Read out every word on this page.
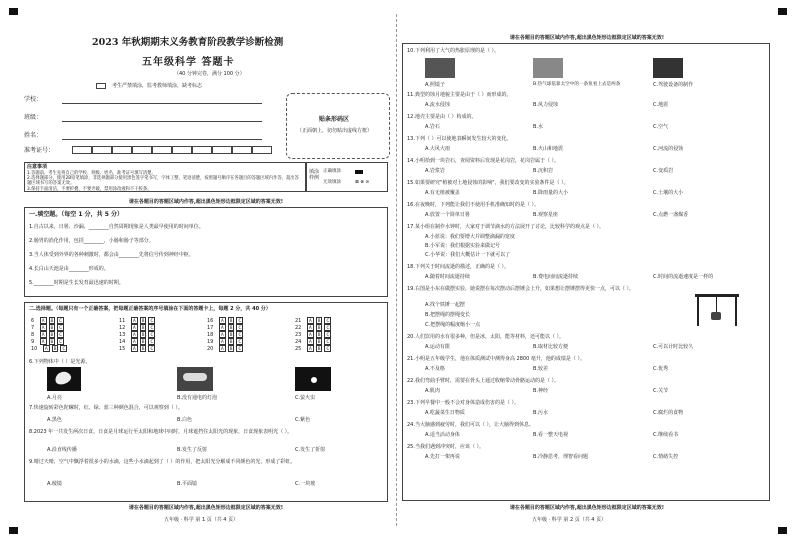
2023 年秋期期末义务教育阶段教学诊断检测
五年级科学 答题卡
（40 分钟完卷，满分 100 分）
考生严禁填涂，监考教师填涂，缺考标志
学校：
班级：
姓名：
准考证号：
贴条形码区
（正面朝上，切勿贴出虚线方框）
注意事项
1.答题前，考生先将自己的学校、班级、姓名、准考证号填写清楚。
2.选择题部分，使用2B铅笔填涂，非选择题部分使用黑色签字笔书写，字体工整、笔迹清楚，按照题号顺序在各题目的答题区域内作答，超出答题区域书写的答案无效。
3.保持卡面清洁，不要折叠、不要弄破，禁用涂改液和不干胶条。
填涂样例
正确填涂
无效填涂	⊠ ⊗ ⊘
请在各题目的答题区域内作答,超出黑色矩形边框限定区域的答案无效!
一.填空题。（每空 1 分，共 5 分）
1.自古以来，日晷、沙漏、________自然周期现象是人类最早使用的时间单位。
2.肠胃的消化作用，包括________，小肠和肠子等部分。
3.当人体受到外界的各种刺激时，都会由________先将信号传到神经中枢。
4.长白山天池是由________形成的。
5.________时期是生长发育最迅速的时期。
二.选择题。（每题只有一个正确答案，把每题正确答案的序号填涂在下面的答题卡上，每题 2 分，共 40 分）
6 A B C	11 A B C	16 A B C	21 A B C
7 A B C	12 A B C	17 A B C	22 A B C
8 A B C	13 A B C	18 A B C	23 A B C
9 A B C	14 A B C	19 A B C	24 A B C
10 A B C	15 A B C	20 A B C	25 A B C
6.下列物体中（ ）是光源。
A.月亮	B.没有通电的灯泡	C.萤火虫
7.快速旋转彩色陀螺时，红、绿、蓝三种颜色混合，可以观察到（ ）。
A.黑色	B.白色	C.紫色
8.2023 年一共发生两次日食。日食是月球运行至太阳和地球中间时，月球遮挡住太阳光的现象，日食现象表明光（ ）。
A.沿直线传播	B.发生了反射	C.发生了折射
9.晴过天晴，空气中飘浮着很多小的水滴，这些小水滴起到了（ ）的作用，把太阳光分解成不同颜色的光，形成了彩虹。
A.棱镜	B.平面镜	C.一块玻
请在各题目的答题区域内作答,超出黑色矩形边框限定区域的答案无效!
五年级 · 科学 第 1 页（共 4 页）
请在各题目的答题区域内作答,超出黑色矩形边框限定区域的答案无效!
10.下列利用了大气的热胀原理的是（ ）。
A.照镜子	B.热气球依靠太空中的一条鱼看上去是两条	C.驾驶设备的制作
11.典型的蚀月地貌主要是由于（ ）而形成的。
A.流水侵蚀	B.风力侵蚀	C.地震
12.地壳主要是由（ ）构成的。
A.岩石	B.水	C.空气
13.下列（ ）可以使地表瞬间发生较大的变化。
A.大风大雨	B.火山和地震	C.河流的侵蚀
14.小明拾到一块岩石，查阅资料后发现是花岗岩，花岗岩属于（ ）。
A.岩浆岩	B.沉积岩	C.变质岩
15.如果要研究"植被对土地侵蚀的影响"，我们要改变的实验条件是（ ）。
A.有无植被覆盖	B.降雨量的大小	C.土壤的大小
16.在夜晚时，下列能让我们不使用手机准确知时的是（ ）。
A.放置一个简单日晷	B.观察星座	C.点燃一盏煤香
17.某小组在制作水钟时，大家对于调节滴水的方法展开了讨论，比较科学的观点是（ ）。
A.小蓝说：我们要增大并调整滴漏的宽度
B.小军说：我们根据实验来做记号
C.小华说：我们大概估计一下就可以了
18.下列关于时间流逝的描述，正确的是（ ）。
A.随着时间流逝持续	B.费电间间流逝持续	C.时间的流逝速度是一样的
19.右图是小东在做摆实验，她说摆在每次摆动后摆锤会上升，如果想让摆锤摆得更快一点，可以（ ）。
A.找个铁锤一起摆
B.把摆绳的摆绳变长
C.把摆绳的幅度缩小一点
20.人们饮用的水有很多种，但是冰，太阳，能等材料，还可能以（ ）。
A.运动有限	B.取材比较方便	C.可以计时比较久
21.小明是五年级学生，他在体质测试中测得身高 2800 毫升，他的成绩是（ ）。
A.不及格	B.较差	C.优秀
22.我们弯曲手臂时，需要在骨头上通过收缩带动骨骼运动的是（ ）。
A.肌肉	B.神经	C.关节
23.下列早餐中一般不会对身体造成伤害的是（ ）。
A.吃蔬菜生日物质	B.污水	C.腐烂的食物
24.当大脑感到疲劳时，我们可以（ ），让大脑得到休息。
A.适当活动身体	B.看一整天电视	C.继续看书
25.当我们遇到冲突时，应该（ ）。
A.先打一架再说	B.冷静思考，理智看问题	C.情绪失控
请在各题目的答题区域内作答,超出黑色矩形边框限定区域的答案无效!
五年级 · 科学 第 2 页（共 4 页）
